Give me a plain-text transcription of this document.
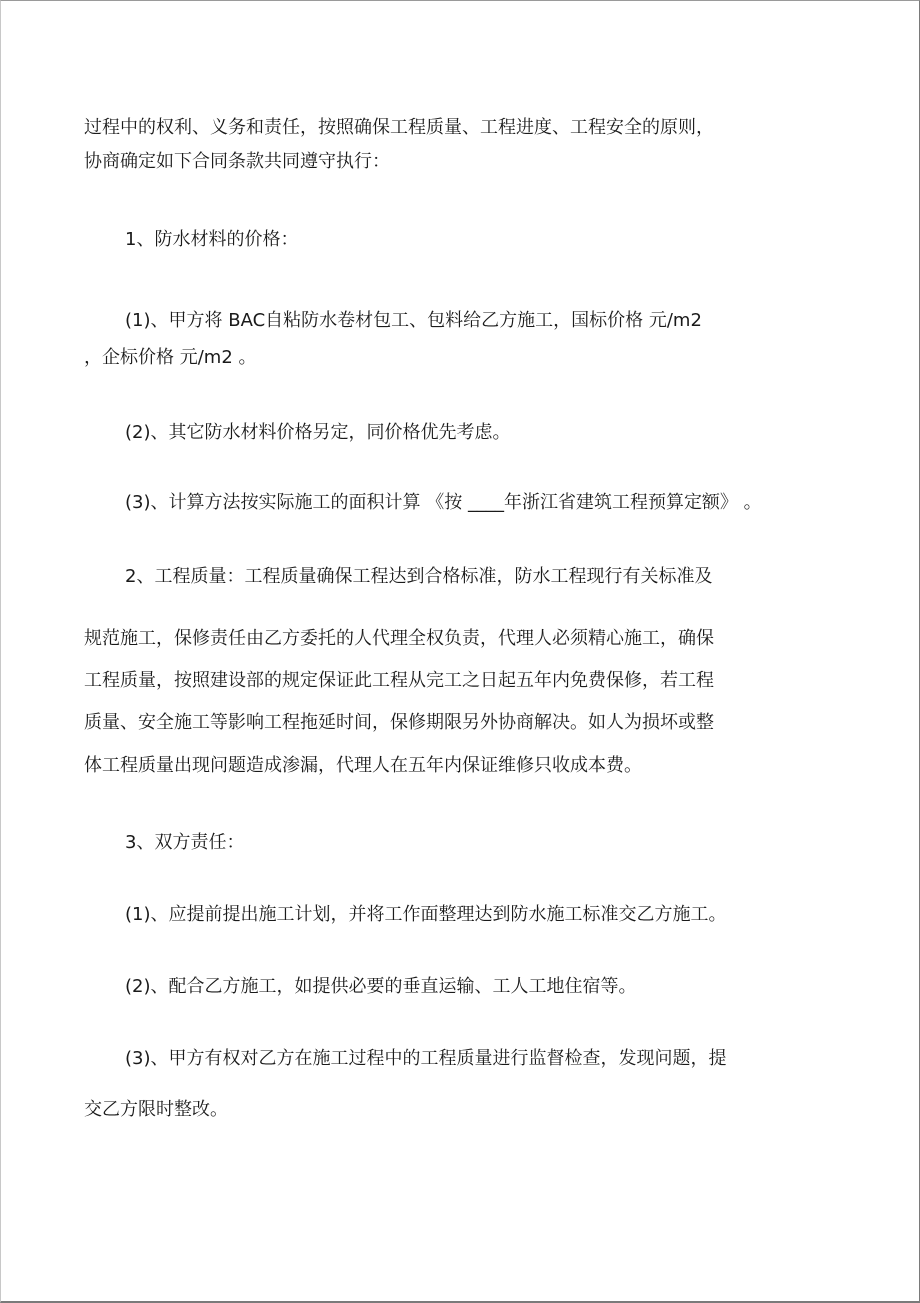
过程中的权利、义务和责任，按照确保工程质量、工程进度、工程安全的原则，
协商确定如下合同条款共同遵守执行：
1、防水材料的价格：
(1)、甲方将 BAC自粘防水卷材包工、包料给乙方施工，国标价格 元/m2
，企标价格 元/m2 。
(2)、其它防水材料价格另定，同价格优先考虑。
(3)、计算方法按实际施工的面积计算 《按 ____年浙江省建筑工程预算定额》 。
2、工程质量：工程质量确保工程达到合格标准，防水工程现行有关标准及
规范施工，保修责任由乙方委托的人代理全权负责，代理人必须精心施工，确保
工程质量，按照建设部的规定保证此工程从完工之日起五年内免费保修，若工程
质量、安全施工等影响工程拖延时间，保修期限另外协商解决。如人为损坏或整
体工程质量出现问题造成渗漏，代理人在五年内保证维修只收成本费。
3、双方责任：
(1)、应提前提出施工计划，并将工作面整理达到防水施工标准交乙方施工。
(2)、配合乙方施工，如提供必要的垂直运输、工人工地住宿等。
(3)、甲方有权对乙方在施工过程中的工程质量进行监督检查，发现问题，提
交乙方限时整改。
